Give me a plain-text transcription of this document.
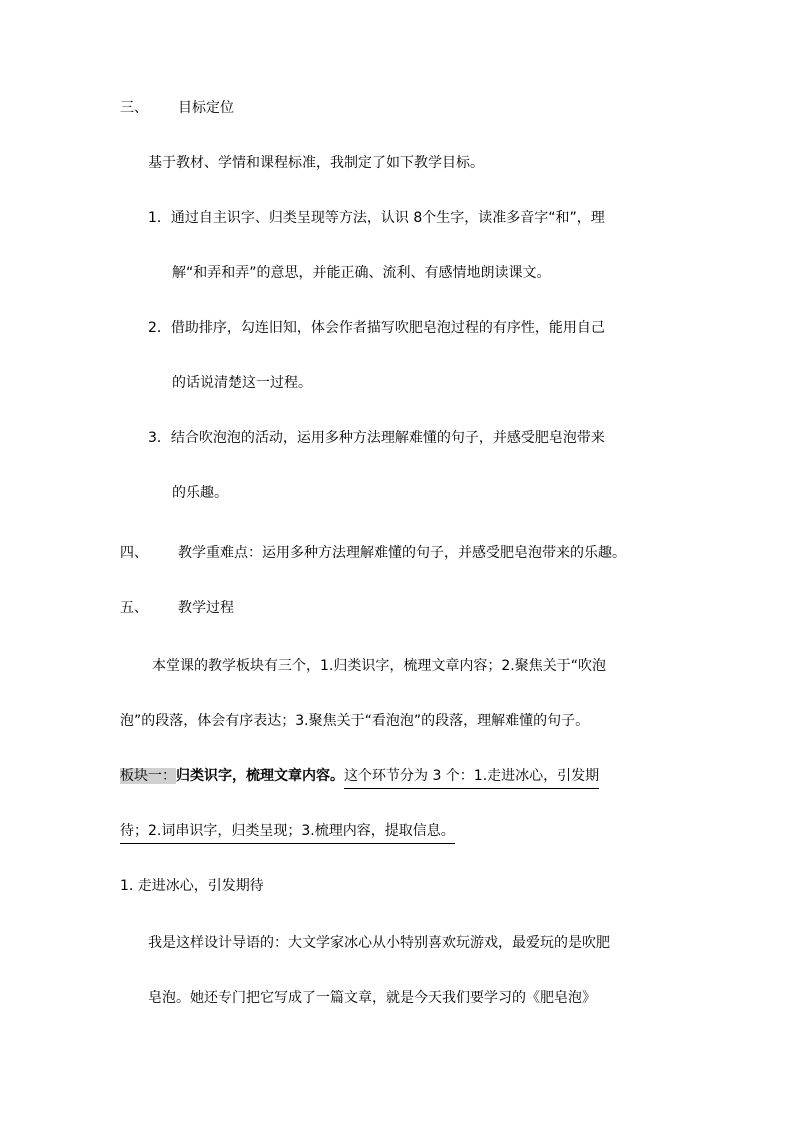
三、 目标定位
基于教材、学情和课程标准，我制定了如下教学目标。
1．通过自主识字、归类呈现等方法，认识 8个生字，读准多音字“和”，理
解“和弄和弄”的意思，并能正确、流利、有感情地朗读课文。
2．借助排序，勾连旧知，体会作者描写吹肥皂泡过程的有序性，能用自己
的话说清楚这一过程。
3．结合吹泡泡的活动，运用多种方法理解难懂的句子，并感受肥皂泡带来
的乐趣。
四、 教学重难点：运用多种方法理解难懂的句子，并感受肥皂泡带来的乐趣。
五、 教学过程
本堂课的教学板块有三个，1.归类识字，梳理文章内容；2.聚焦关于“吹泡
泡”的段落，体会有序表达；3.聚焦关于“看泡泡”的段落，理解难懂的句子。
板块一：归类识字，梳理文章内容。这个环节分为 3 个：1.走进冰心，引发期
待；2.词串识字，归类呈现；3.梳理内容，提取信息。
1. 走进冰心，引发期待
我是这样设计导语的：大文学家冰心从小特别喜欢玩游戏，最爱玩的是吹肥
皂泡。她还专门把它写成了一篇文章，就是今天我们要学习的《肥皂泡》
